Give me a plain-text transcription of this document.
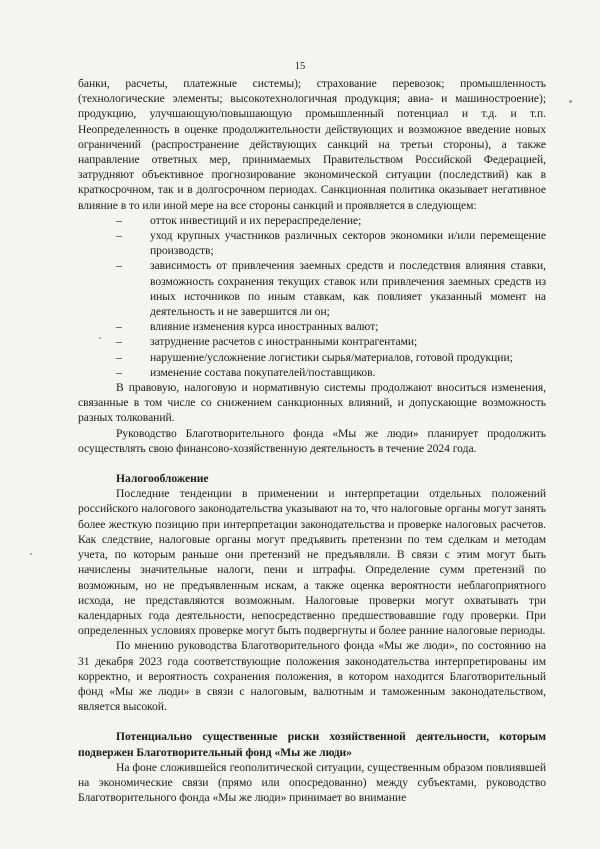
15

банки, расчеты, платежные системы); страхование перевозок; промышленность (технологические элементы; высокотехнологичная продукция; авиа- и машиностроение); продукцию, улучшающую/повышающую промышленный потенциал и т.д. и т.п. Неопределенность в оценке продолжительности действующих и возможное введение новых ограничений (распространение действующих санкций на третьи стороны), а также направление ответных мер, принимаемых Правительством Российской Федерацией, затрудняют объективное прогнозирование экономической ситуации (последствий) как в краткосрочном, так и в долгосрочном периодах. Санкционная политика оказывает негативное влияние в то или иной мере на все стороны санкций и проявляется в следующем:

–	отток инвестиций и их перераспределение;
–	уход крупных участников различных секторов экономики и/или перемещение производств;
–	зависимость от привлечения заемных средств и последствия влияния ставки, возможность сохранения текущих ставок или привлечения заемных средств из иных источников по иным ставкам, как повлияет указанный момент на деятельность и не завершится ли он;
–	влияние изменения курса иностранных валют;
–	затруднение расчетов с иностранными контрагентами;
–	нарушение/усложнение логистики сырья/материалов, готовой продукции;
–	изменение состава покупателей/поставщиков.

В правовую, налоговую и нормативную системы продолжают вноситься изменения, связанные в том числе со снижением санкционных влияний, и допускающие возможность разных толкований.

Руководство Благотворительного фонда «Мы же люди» планирует продолжить осуществлять свою финансово-хозяйственную деятельность в течение 2024 года.

Налогообложение

Последние тенденции в применении и интерпретации отдельных положений российского налогового законодательства указывают на то, что налоговые органы могут занять более жесткую позицию при интерпретации законодательства и проверке налоговых расчетов. Как следствие, налоговые органы могут предъявить претензии по тем сделкам и методам учета, по которым раньше они претензий не предъявляли. В связи с этим могут быть начислены значительные налоги, пени и штрафы. Определение сумм претензий по возможным, но не предъявленным искам, а также оценка вероятности неблагоприятного исхода, не представляются возможным. Налоговые проверки могут охватывать три календарных года деятельности, непосредственно предшествовавшие году проверки. При определенных условиях проверке могут быть подвергнуты и более ранние налоговые периоды.

По мнению руководства Благотворительного фонда «Мы же люди», по состоянию на 31 декабря 2023 года соответствующие положения законодательства интерпретированы им корректно, и вероятность сохранения положения, в котором находится Благотворительный фонд «Мы же люди» в связи с налоговым, валютным и таможенным законодательством, является высокой.

Потенциально существенные риски хозяйственной деятельности, которым подвержен Благотворительный фонд «Мы же люди»

На фоне сложившейся геополитической ситуации, существенным образом повлиявшей на экономические связи (прямо или опосредованно) между субъектами, руководство Благотворительного фонда «Мы же люди» принимает во внимание
